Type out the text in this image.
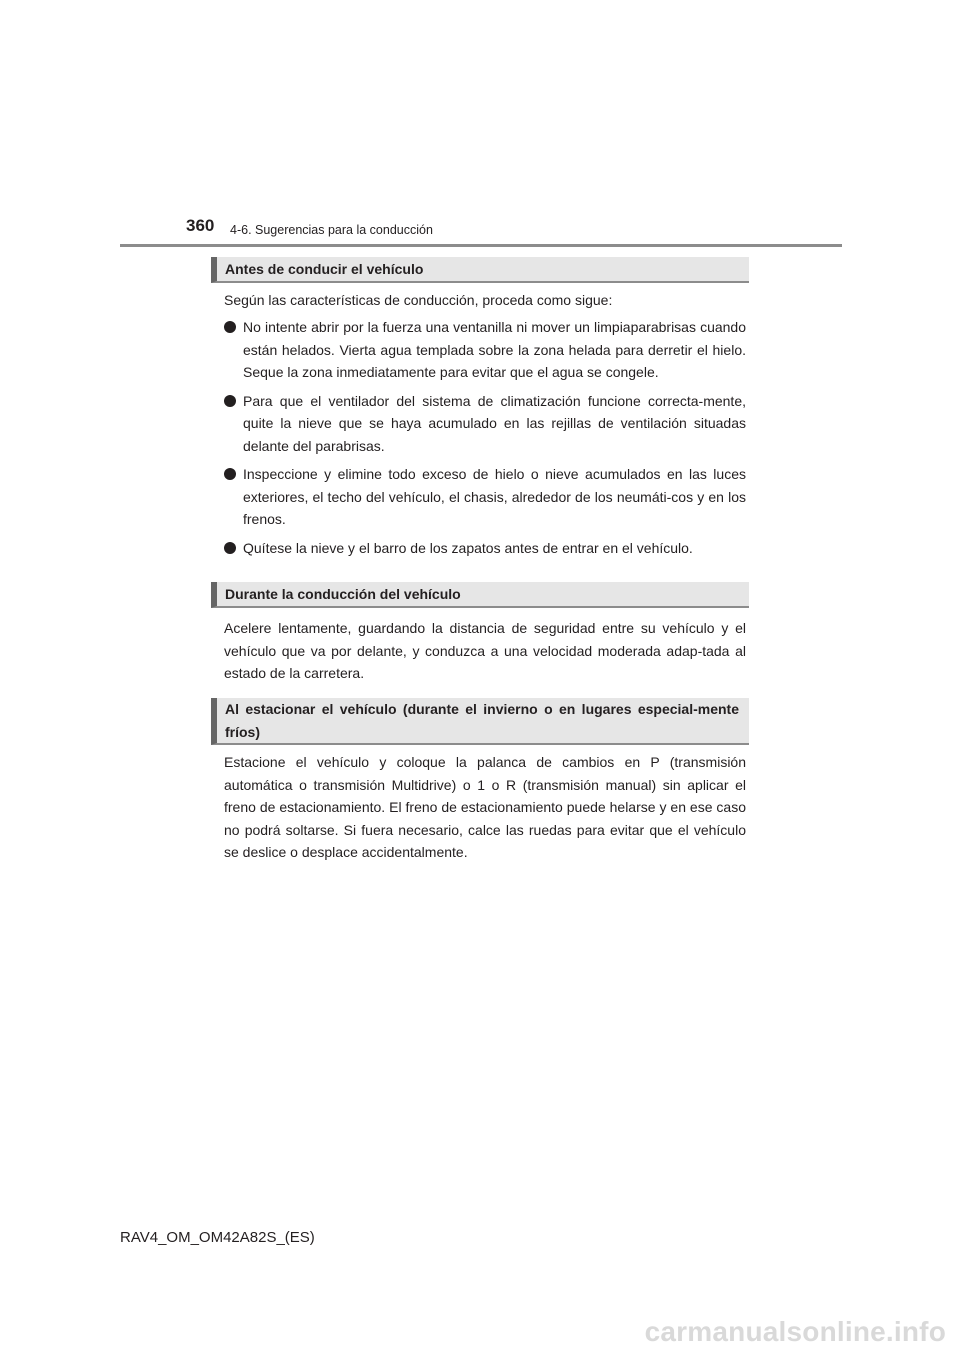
360 4-6. Sugerencias para la conducción
Antes de conducir el vehículo

Según las características de conducción, proceda como sigue:

No intente abrir por la fuerza una ventanilla ni mover un limpiaparabrisas cuando están helados. Vierta agua templada sobre la zona helada para derretir el hielo. Seque la zona inmediatamente para evitar que el agua se congele.
Para que el ventilador del sistema de climatización funcione correcta-mente, quite la nieve que se haya acumulado en las rejillas de ventilación situadas delante del parabrisas.
Inspeccione y elimine todo exceso de hielo o nieve acumulados en las luces exteriores, el techo del vehículo, el chasis, alrededor de los neumáti-cos y en los frenos.
Quítese la nieve y el barro de los zapatos antes de entrar en el vehículo.
Durante la conducción del vehículo

Acelere lentamente, guardando la distancia de seguridad entre su vehículo y el vehículo que va por delante, y conduzca a una velocidad moderada adap-tada al estado de la carretera.

Al estacionar el vehículo (durante el invierno o en lugares especial-mente fríos)

Estacione el vehículo y coloque la palanca de cambios en P (transmisión automática o transmisión Multidrive) o 1 o R (transmisión manual) sin aplicar el freno de estacionamiento. El freno de estacionamiento puede helarse y en ese caso no podrá soltarse. Si fuera necesario, calce las ruedas para evitar que el vehículo se deslice o desplace accidentalmente.

RAV4_OM_OM42A82S_(ES)
carmanualsonline.info
